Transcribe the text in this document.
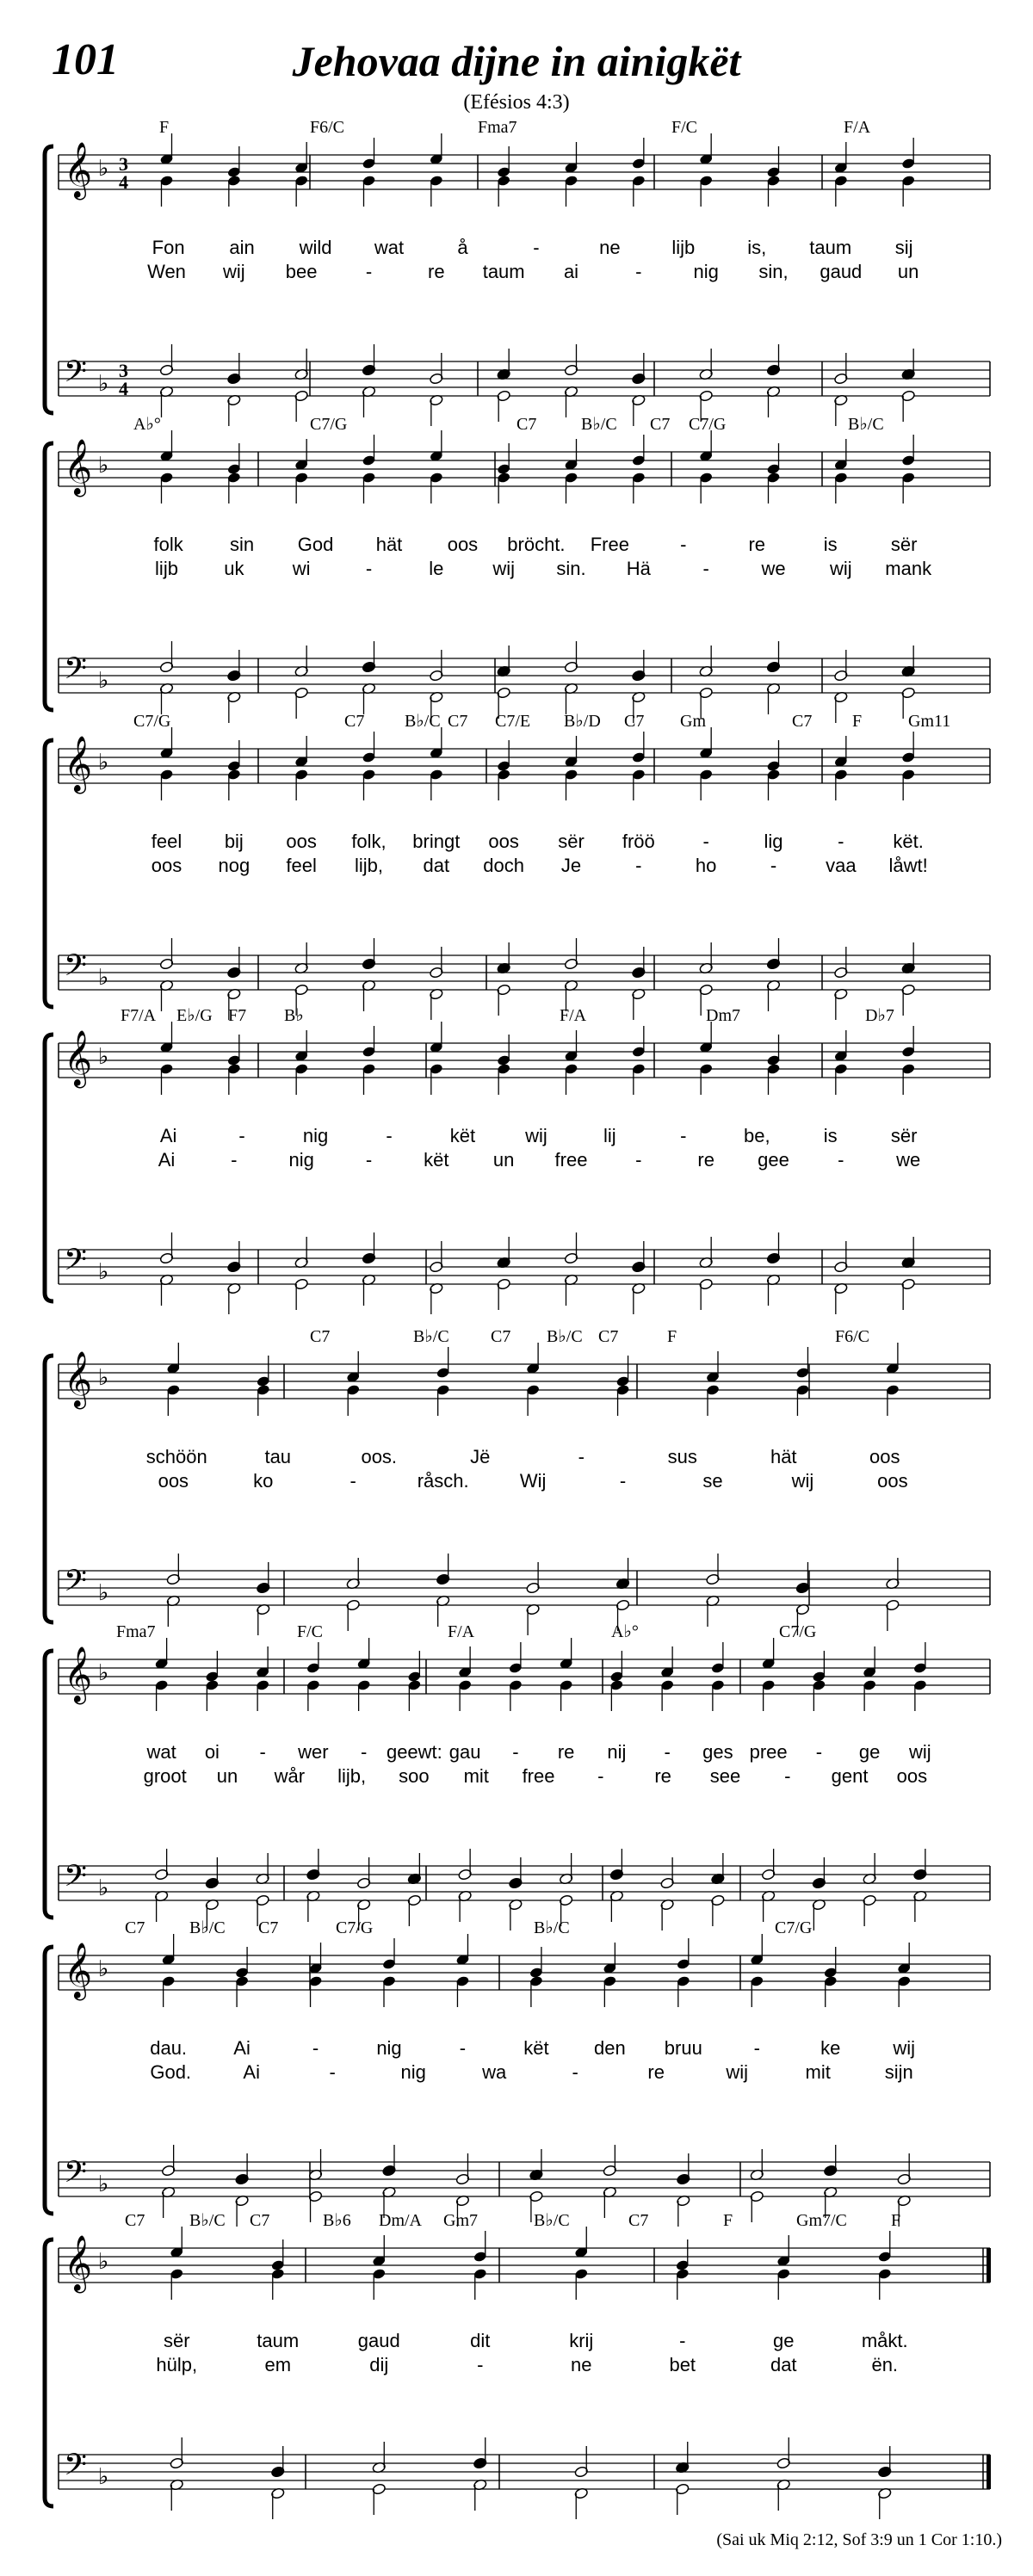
101	Jehovaa dijne in ainigkët
(Efésios 4:3)
𝄞 ♭ 3
4
𝄢 ♭
3
4
F	F6/C	Fma7	F/C	F/A
Fon ain wild wat	å	-	ne	lijb	is, taum sij
Wen wij bee	-	re taum ai	-	nig sin, gaud un
𝄞 ♭
𝄢 ♭
A♭°	C7/G	C7	B♭/C C7 C7/G	B♭/C
folk sin God hät oos bröcht. Free	-	re	is	sër
lijb uk	wi	-	le	wij sin. Hä	-	we wij mank
𝄞 ♭
𝄢 ♭
C7/G	C7 B♭/C C7 C7/E B♭/D C7 Gm	C7 F	Gm11
feel bij oos folk, bringt oos sër fröö	-	lig	-	kët.
oos nog feel lijb, dat doch Je	-	ho	-	vaa låwt!
𝄞 ♭
𝄢 ♭
F7/A E♭/G F7 B♭	F/A	Dm7	D♭7
Ai	-	nig	-	kët	wij	lij	-	be,	is	sër
Ai	-	nig	-	kët un free	-	re gee	-	we
𝄞 ♭
𝄢 ♭
C7	B♭/C C7 B♭/C C7	F	F6/C
schöön	tau	oos.	Jë	-	sus	hät	oos
oos	ko	-	råsch.	Wij	-	se	wij	oos
𝄞 ♭
𝄢 ♭
Fma7	F/C	F/A	A♭°	C7/G
wat oi - wer - geewt: gau - re nij - ges pree - ge wij
groot un wår lijb, soo mit free -	re see - gent oos
𝄞 ♭
𝄢 ♭
C7	B♭/C C7	C7/G	B♭/C	C7/G
dau. Ai	-	nig	-	kët den bruu	-	ke	wij
God.	Ai	-	nig	wa	-	re	wij	mit	sijn
𝄞 ♭
𝄢 ♭
C7	B♭/C C7	B♭6 Dm/A Gm7	B♭/C	C7	F	Gm7/C	F
sër	taum	gaud	dit	krij	-	ge	måkt.
hülp,	em	dij	-	ne	bet	dat	ën.
(Sai uk Miq 2:12, Sof 3:9 un 1 Cor 1:10.)
